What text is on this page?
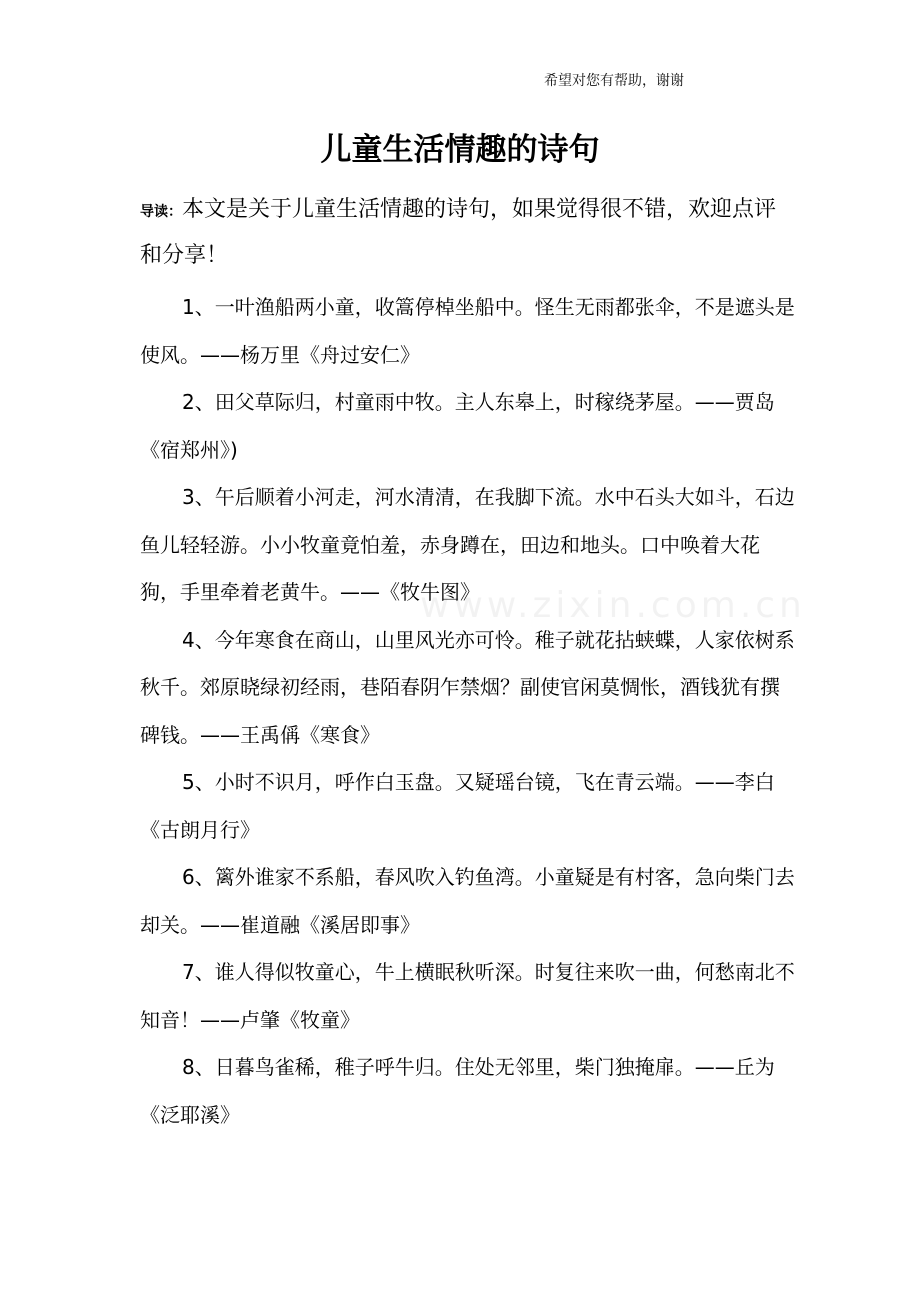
希望对您有帮助，谢谢
儿童生活情趣的诗句

导读：本文是关于儿童生活情趣的诗句，如果觉得很不错，欢迎点评和分享！

www.zixin.com.cn
1、一叶渔船两小童，收篙停棹坐船中。怪生无雨都张伞，不是遮头是使风。——杨万里《舟过安仁》
2、田父草际归，村童雨中牧。主人东皋上，时稼绕茅屋。——贾岛《宿郑州》)
3、午后顺着小河走，河水清清，在我脚下流。水中石头大如斗，石边鱼儿轻轻游。小小牧童竟怕羞，赤身蹲在，田边和地头。口中唤着大花狗，手里牵着老黄牛。——《牧牛图》
4、今年寒食在商山，山里风光亦可怜。稚子就花拈蛱蝶，人家依树系秋千。郊原晓绿初经雨，巷陌春阴乍禁烟？副使官闲莫惆怅，酒钱犹有撰碑钱。——王禹偁《寒食》
5、小时不识月，呼作白玉盘。又疑瑶台镜，飞在青云端。——李白《古朗月行》
6、篱外谁家不系船，春风吹入钓鱼湾。小童疑是有村客，急向柴门去却关。——崔道融《溪居即事》
7、谁人得似牧童心，牛上横眠秋听深。时复往来吹一曲，何愁南北不知音！——卢肇《牧童》
8、日暮鸟雀稀，稚子呼牛归。住处无邻里，柴门独掩扉。——丘为《泛耶溪》
